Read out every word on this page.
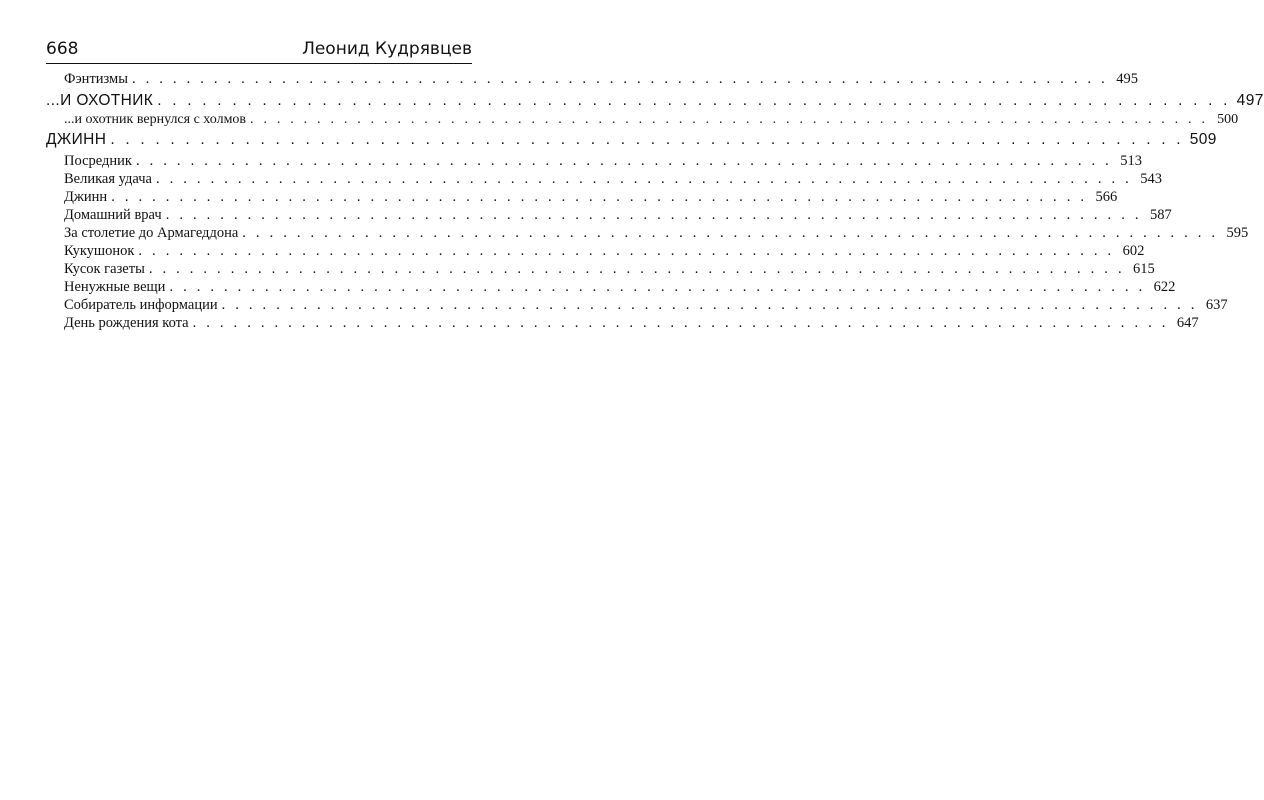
668	Леонид Кудрявцев
Фэнтизмы . . . . . . . . . . . . . . . . . . . . . . . . . . . . . . . . . . . . . . . . . . . . . . . . . . . . . . . . . . . . . . . . . . . . . . . . 495
...И ОХОТНИК . . . . . . . . . . . . . . . . . . . . . . . . . . . . . . . . . . . . . . . . . . . . . . . . . . . . . . . . . . . . . . . . . . . . . . . . 497
...и охотник вернулся с холмов . . . . . . . . . . . . . . . . . . . . . . . . . . . . . . . . . . . . . . . . . . . . . . . . . . . . . . . . . . . . . . . . . . . . . . . . 500
ДЖИНН . . . . . . . . . . . . . . . . . . . . . . . . . . . . . . . . . . . . . . . . . . . . . . . . . . . . . . . . . . . . . . . . . . . . . . . . 509
Посредник . . . . . . . . . . . . . . . . . . . . . . . . . . . . . . . . . . . . . . . . . . . . . . . . . . . . . . . . . . . . . . . . . . . . . . . . 513
Великая удача . . . . . . . . . . . . . . . . . . . . . . . . . . . . . . . . . . . . . . . . . . . . . . . . . . . . . . . . . . . . . . . . . . . . . . . . 543
Джинн . . . . . . . . . . . . . . . . . . . . . . . . . . . . . . . . . . . . . . . . . . . . . . . . . . . . . . . . . . . . . . . . . . . . . . . . 566
Домашний врач . . . . . . . . . . . . . . . . . . . . . . . . . . . . . . . . . . . . . . . . . . . . . . . . . . . . . . . . . . . . . . . . . . . . . . . . 587
За столетие до Армагеддона . . . . . . . . . . . . . . . . . . . . . . . . . . . . . . . . . . . . . . . . . . . . . . . . . . . . . . . . . . . . . . . . . . . . . . . . 595
Кукушонок . . . . . . . . . . . . . . . . . . . . . . . . . . . . . . . . . . . . . . . . . . . . . . . . . . . . . . . . . . . . . . . . . . . . . . . . 602
Кусок газеты . . . . . . . . . . . . . . . . . . . . . . . . . . . . . . . . . . . . . . . . . . . . . . . . . . . . . . . . . . . . . . . . . . . . . . . . 615
Ненужные вещи . . . . . . . . . . . . . . . . . . . . . . . . . . . . . . . . . . . . . . . . . . . . . . . . . . . . . . . . . . . . . . . . . . . . . . . . 622
Собиратель информации . . . . . . . . . . . . . . . . . . . . . . . . . . . . . . . . . . . . . . . . . . . . . . . . . . . . . . . . . . . . . . . . . . . . . . . . 637
День рождения кота . . . . . . . . . . . . . . . . . . . . . . . . . . . . . . . . . . . . . . . . . . . . . . . . . . . . . . . . . . . . . . . . . . . . . . . . 647
